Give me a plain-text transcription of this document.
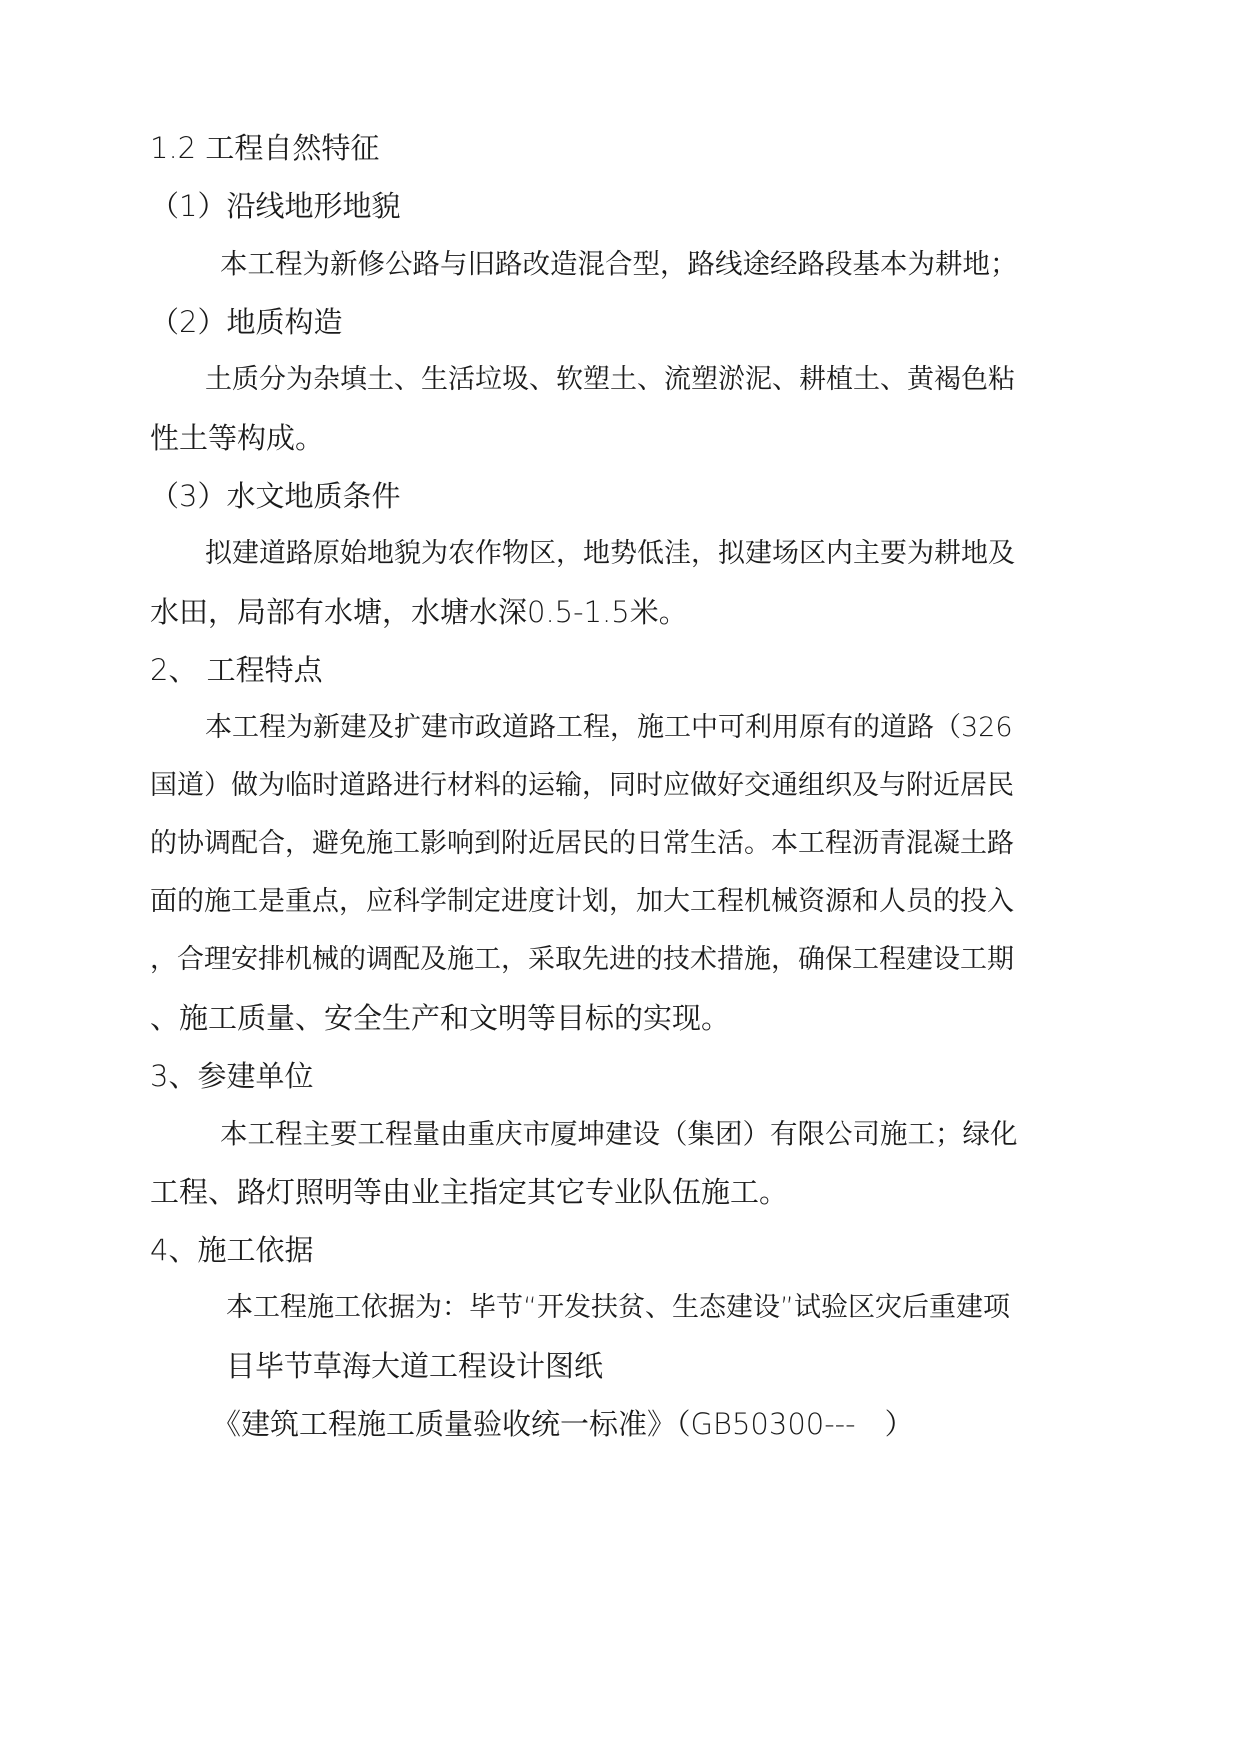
1.2 工程自然特征

（1）沿线地形地貌

本工程为新修公路与旧路改造混合型，路线途经路段基本为耕地；

（2）地质构造

土质分为杂填土、生活垃圾、软塑土、流塑淤泥、耕植土、黄褐色粘

性土等构成。

（3）水文地质条件

拟建道路原始地貌为农作物区，地势低洼，拟建场区内主要为耕地及

水田，局部有水塘，水塘水深0.5-1.5米。

2、 工程特点

本工程为新建及扩建市政道路工程，施工中可利用原有的道路（326

国道）做为临时道路进行材料的运输，同时应做好交通组织及与附近居民

的协调配合，避免施工影响到附近居民的日常生活。本工程沥青混凝土路

面的施工是重点，应科学制定进度计划，加大工程机械资源和人员的投入

，合理安排机械的调配及施工，采取先进的技术措施，确保工程建设工期

、施工质量、安全生产和文明等目标的实现。

3、参建单位

本工程主要工程量由重庆市厦坤建设（集团）有限公司施工；绿化

工程、路灯照明等由业主指定其它专业队伍施工。

4、施工依据

本工程施工依据为：毕节“开发扶贫、生态建设”试验区灾后重建项

目毕节草海大道工程设计图纸

《建筑工程施工质量验收统一标准》（GB50300---　）
